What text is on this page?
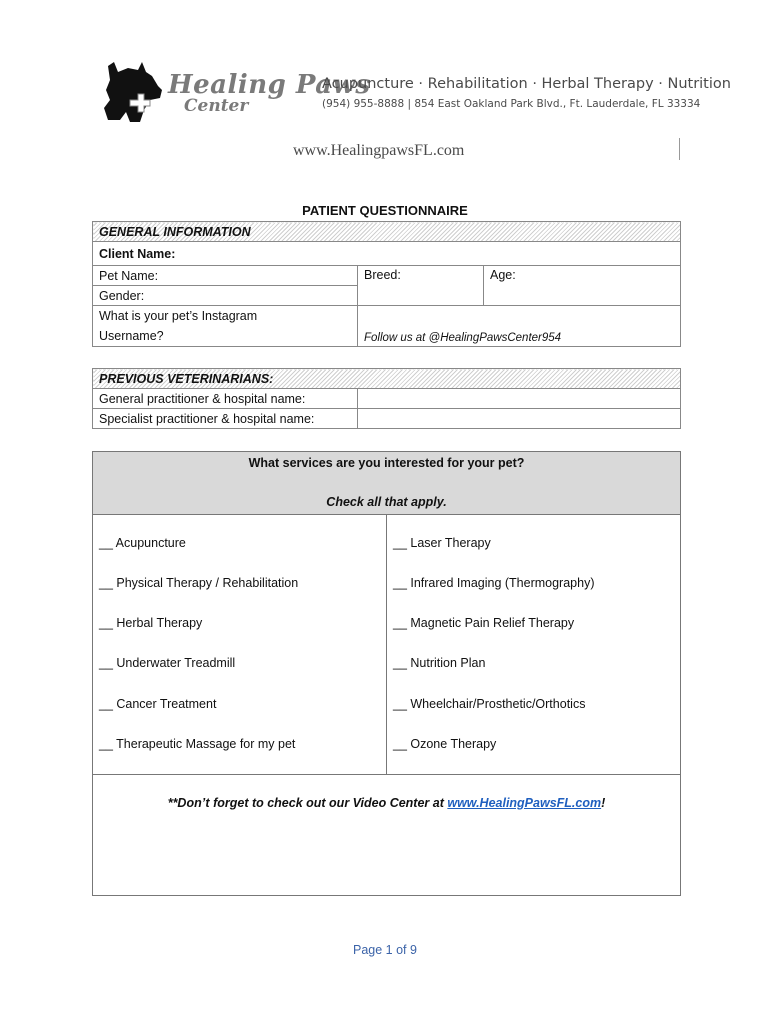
Healing Paws
Center
Acupuncture · Rehabilitation · Herbal Therapy · Nutrition
(954) 955-8888 | 854 East Oakland Park Blvd., Ft. Lauderdale, FL 33334
www.HealingpawsFL.com
PATIENT QUESTIONNAIRE
GENERAL INFORMATION		
Client Name:		
Pet Name:	Breed:	Age:
Gender:		

What is your pet’s Instagram
Username?	Follow us at @HealingPawsCenter954	
PREVIOUS VETERINARIANS:	
General practitioner & hospital name:	
Specialist practitioner & hospital name:	
What services are you interested for your pet?
Check all that apply.
__ Acupuncture
__ Physical Therapy / Rehabilitation
__ Herbal Therapy
__ Underwater Treadmill
__ Cancer Treatment
__ Therapeutic Massage for my pet
__ Laser Therapy
__ Infrared Imaging (Thermography)
__ Magnetic Pain Relief Therapy
__ Nutrition Plan
__ Wheelchair/Prosthetic/Orthotics
__ Ozone Therapy
**Don’t forget to check out our Video Center at www.HealingPawsFL.com!
Page 1 of 9
